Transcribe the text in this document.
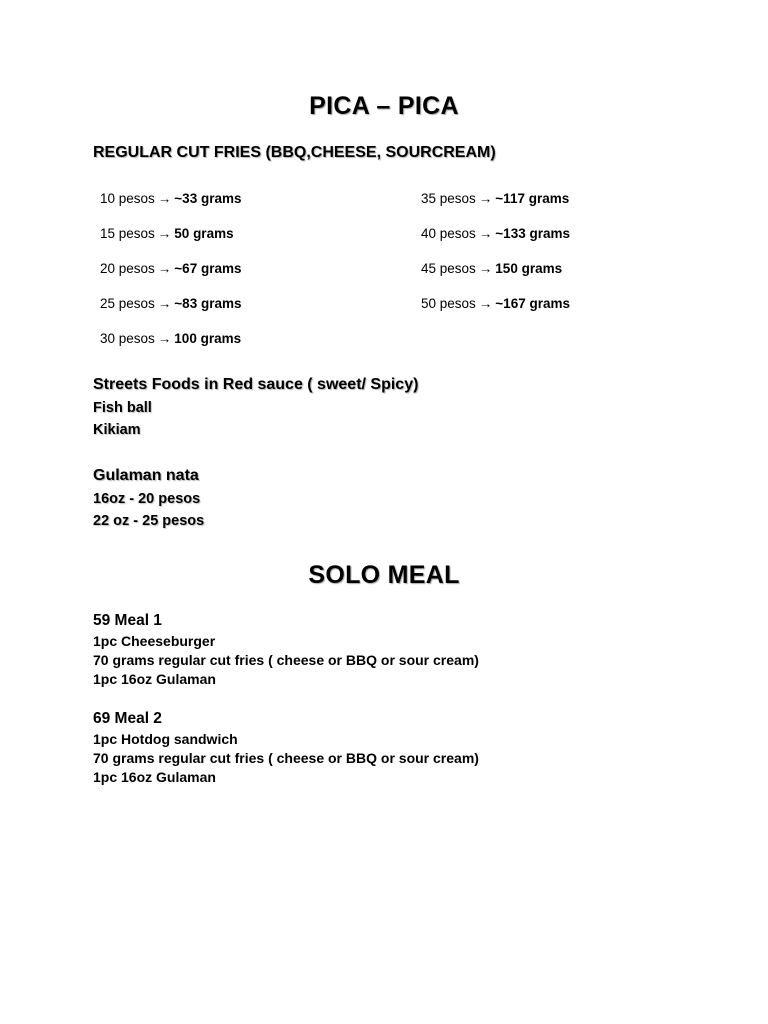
PICA – PICA
REGULAR CUT FRIES (BBQ,CHEESE, SOURCREAM)
10 pesos → ~33 grams
15 pesos → 50 grams
20 pesos → ~67 grams
25 pesos → ~83 grams
30 pesos → 100 grams
35 pesos → ~117 grams
40 pesos → ~133 grams
45 pesos → 150 grams
50 pesos → ~167 grams
Streets Foods in Red sauce ( sweet/ Spicy)
Fish ball
Kikiam
Gulaman nata
16oz - 20 pesos
22 oz - 25 pesos
SOLO MEAL
59 Meal 1
1pc Cheeseburger
70 grams regular cut fries ( cheese or BBQ or sour cream)
1pc 16oz Gulaman
69 Meal 2
1pc Hotdog sandwich
70 grams regular cut fries ( cheese or BBQ or sour cream)
1pc 16oz Gulaman
